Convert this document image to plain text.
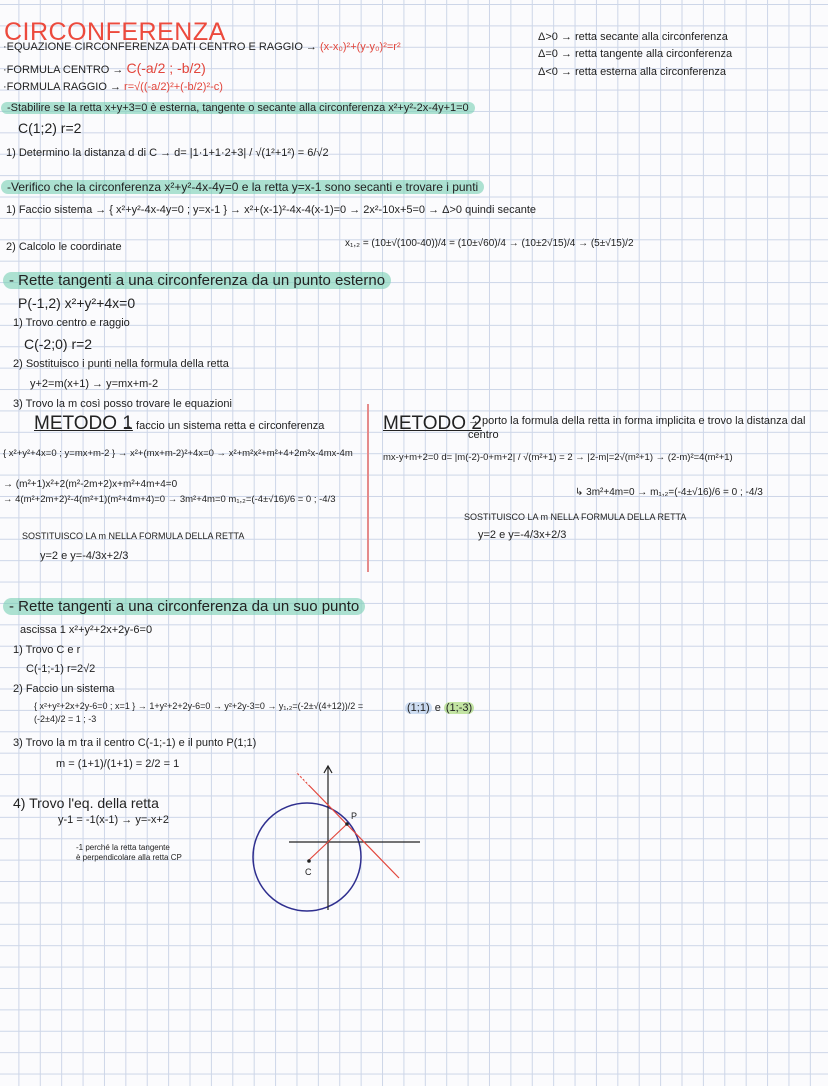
CIRCONFERENZA	Δ>0 → retta secante alla circonferenza
Δ=0 → retta tangente alla circonferenza
Δ<0 → retta esterna alla circonferenza
·EQUAZIONE CIRCONFERENZA DATI CENTRO E RAGGIO → (x-x₀)²+(y-y₀)²=r²
·FORMULA CENTRO → C(-a/2 ; -b/2)
·FORMULA RAGGIO → r=√((-a/2)²+(-b/2)²-c)
-Stabilire se la retta x+y+3=0 è esterna, tangente o secante alla circonferenza x²+y²-2x-4y+1=0
C(1;2) r=2
1) Determino la distanza d di C → d= |1·1+1·2+3| / √(1²+1²) = 6/√2
-Verifico che la circonferenza x²+y²-4x-4y=0 e la retta y=x-1 sono secanti e trovare i punti
1) Faccio sistema → { x²+y²-4x-4y=0 ; y=x-1 } → x²+(x-1)²-4x-4(x-1)=0 → 2x²-10x+5=0 → Δ>0 quindi secante
2) Calcolo le coordinate	x₁,₂ = (10±√(100-40))/4 = (10±√60)/4 → (10±2√15)/4 → (5±√15)/2
- Rette tangenti a una circonferenza da un punto esterno
P(-1,2) x²+y²+4x=0
1) Trovo centro e raggio
C(-2;0) r=2
2) Sostituisco i punti nella formula della retta
y+2=m(x+1) → y=mx+m-2
3) Trovo la m così posso trovare le equazioni
METODO 1
→ faccio un sistema retta e circonferenza
{ x²+y²+4x=0 ; y=mx+m-2 } → x²+(mx+m-2)²+4x=0 → x²+m²x²+m²+4+2m²x-4mx-4m
→ (m²+1)x²+2(m²-2m+2)x+m²+4m+4=0
→ 4(m²+2m+2)²-4(m²+1)(m²+4m+4)=0 → 3m²+4m=0 m₁,₂=(-4±√16)/6 = 0 ; -4/3
SOSTITUISCO LA m NELLA FORMULA DELLA RETTA
y=2 e y=-4/3x+2/3
METODO 2
→ porto la formula della retta in forma implicita e trovo la distanza dal centro
mx-y+m+2=0 d= |m(-2)-0+m+2| / √(m²+1) = 2 → |2-m|=2√(m²+1) → (2-m)²=4(m²+1)
↳ 3m²+4m=0 → m₁,₂=(-4±√16)/6 = 0 ; -4/3
SOSTITUISCO LA m NELLA FORMULA DELLA RETTA
y=2 e y=-4/3x+2/3
- Rette tangenti a una circonferenza da un suo punto
ascissa 1 x²+y²+2x+2y-6=0
1) Trovo C e r
C(-1;-1) r=2√2
2) Faccio un sistema
{ x²+y²+2x+2y-6=0 ; x=1 } → 1+y²+2+2y-6=0 → y²+2y-3=0 → y₁,₂=(-2±√(4+12))/2 = (-2±4)/2 = 1 ; -3
(1;1) e (1;-3)
3) Trovo la m tra il centro C(-1;-1) e il punto P(1;1)
m = (1+1)/(1+1) = 2/2 = 1
4) Trovo l'eq. della retta
y-1 = -1(x-1) → y=-x+2
-1 perché la retta tangente
è perpendicolare alla retta CP
P
C
